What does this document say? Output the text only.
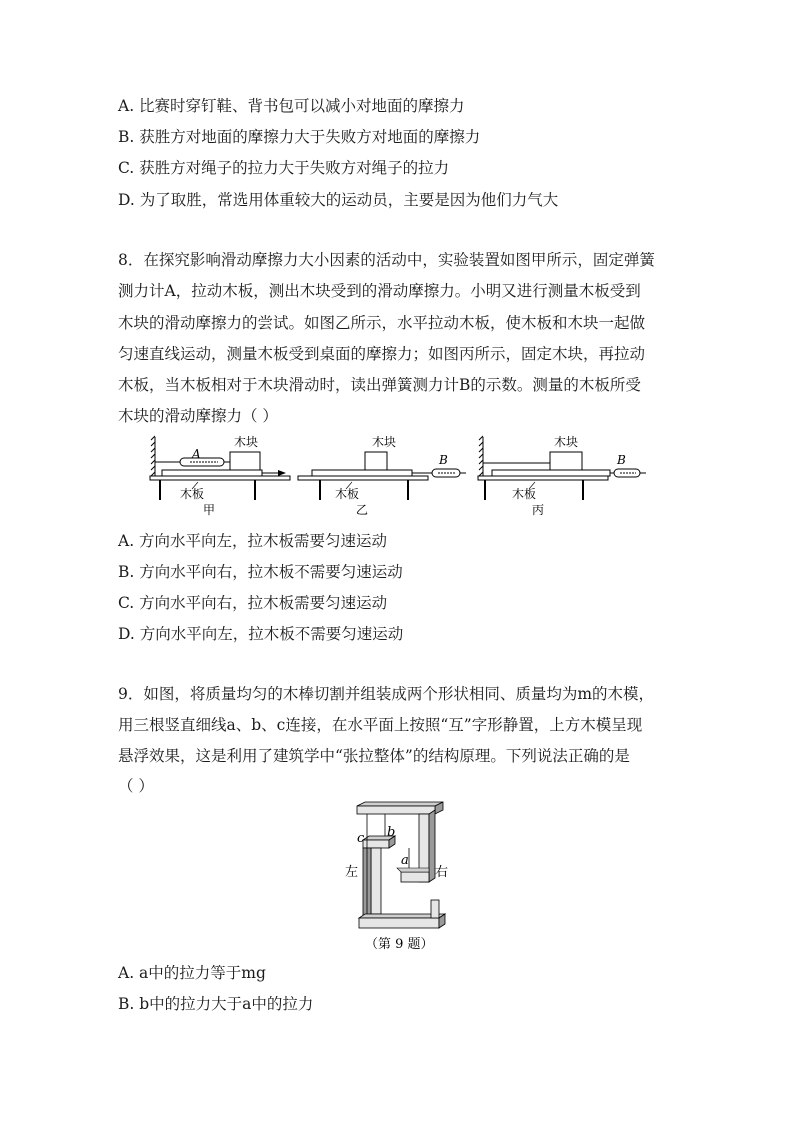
A. 比赛时穿钉鞋、背书包可以减小对地面的摩擦力
B. 获胜方对地面的摩擦力大于失败方对地面的摩擦力
C. 获胜方对绳子的拉力大于失败方对绳子的拉力
D. 为了取胜，常选用体重较大的运动员，主要是因为他们力气大
8．在探究影响滑动摩擦力大小因素的活动中，实验装置如图甲所示，固定弹簧
测力计A，拉动木板，测出木块受到的滑动摩擦力。小明又进行测量木板受到
木块的滑动摩擦力的尝试。如图乙所示，水平拉动木板，使木板和木块一起做
匀速直线运动，测量木板受到桌面的摩擦力；如图丙所示，固定木块，再拉动
木板，当木板相对于木块滑动时，读出弹簧测力计B的示数。测量的木板所受
木块的滑动摩擦力（ ）
A
木块
木板
甲
B
木块
木板
乙
B
木块
木板
丙
A. 方向水平向左，拉木板需要匀速运动
B. 方向水平向右，拉木板不需要匀速运动
C. 方向水平向右，拉木板需要匀速运动
D. 方向水平向左，拉木板不需要匀速运动
9．如图，将质量均匀的木棒切割并组装成两个形状相同、质量均为m的木模，
用三根竖直细线a、b、c连接，在水平面上按照“互”字形静置，上方木模呈现
悬浮效果，这是利用了建筑学中“张拉整体”的结构原理。下列说法正确的是
（ ）
c b
a
左	右
（第 9 题）
A. a中的拉力等于mg
B. b中的拉力大于a中的拉力
